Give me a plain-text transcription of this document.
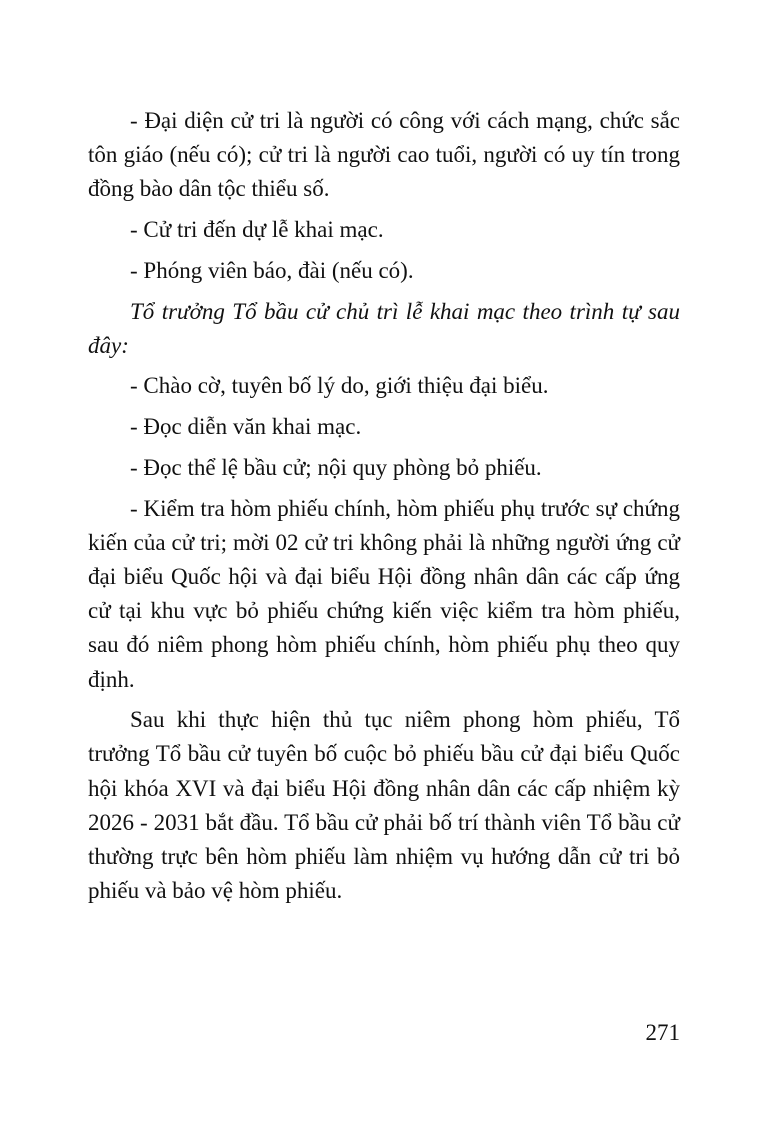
- Đại diện cử tri là người có công với cách mạng, chức sắc tôn giáo (nếu có); cử tri là người cao tuổi, người có uy tín trong đồng bào dân tộc thiểu số.

- Cử tri đến dự lễ khai mạc.

- Phóng viên báo, đài (nếu có).

Tổ trưởng Tổ bầu cử chủ trì lễ khai mạc theo trình tự sau đây:

- Chào cờ, tuyên bố lý do, giới thiệu đại biểu.

- Đọc diễn văn khai mạc.

- Đọc thể lệ bầu cử; nội quy phòng bỏ phiếu.

- Kiểm tra hòm phiếu chính, hòm phiếu phụ trước sự chứng kiến của cử tri; mời 02 cử tri không phải là những người ứng cử đại biểu Quốc hội và đại biểu Hội đồng nhân dân các cấp ứng cử tại khu vực bỏ phiếu chứng kiến việc kiểm tra hòm phiếu, sau đó niêm phong hòm phiếu chính, hòm phiếu phụ theo quy định.

Sau khi thực hiện thủ tục niêm phong hòm phiếu, Tổ trưởng Tổ bầu cử tuyên bố cuộc bỏ phiếu bầu cử đại biểu Quốc hội khóa XVI và đại biểu Hội đồng nhân dân các cấp nhiệm kỳ 2026 - 2031 bắt đầu. Tổ bầu cử phải bố trí thành viên Tổ bầu cử thường trực bên hòm phiếu làm nhiệm vụ hướng dẫn cử tri bỏ phiếu và bảo vệ hòm phiếu.

271
